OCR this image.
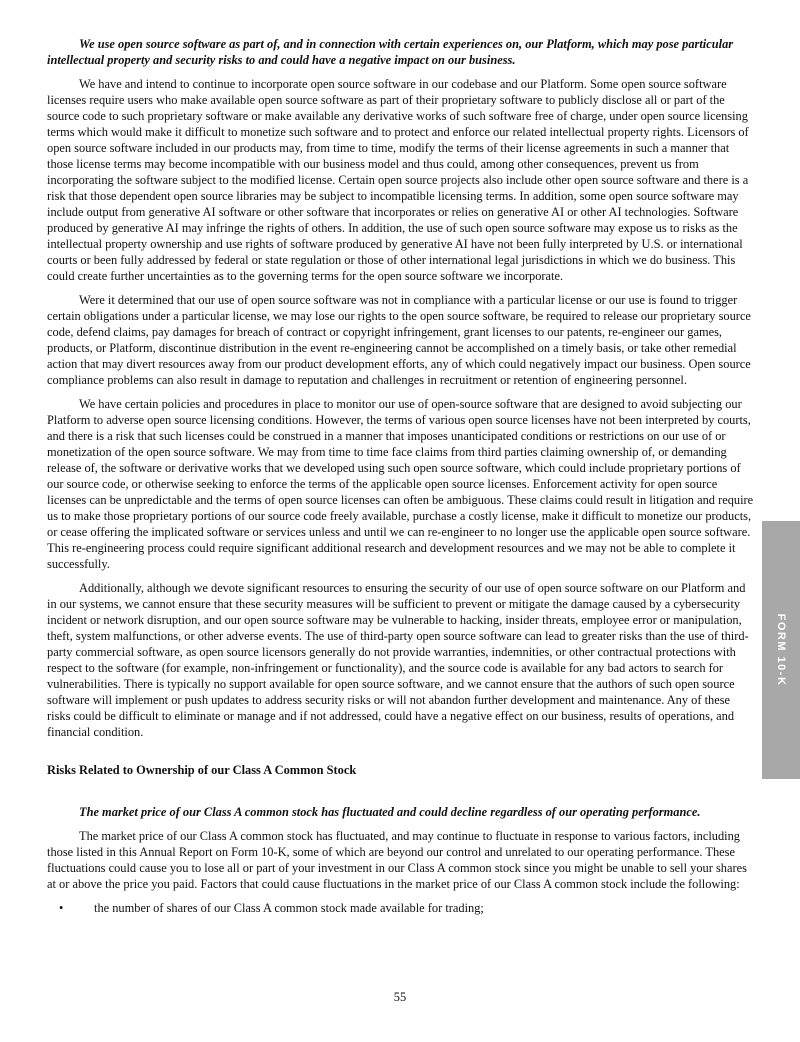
We use open source software as part of, and in connection with certain experiences on, our Platform, which may pose particular intellectual property and security risks to and could have a negative impact on our business.

We have and intend to continue to incorporate open source software in our codebase and our Platform. Some open source software licenses require users who make available open source software as part of their proprietary software to publicly disclose all or part of the source code to such proprietary software or make available any derivative works of such software free of charge, under open source licensing terms which would make it difficult to monetize such software and to protect and enforce our related intellectual property rights. Licensors of open source software included in our products may, from time to time, modify the terms of their license agreements in such a manner that those license terms may become incompatible with our business model and thus could, among other consequences, prevent us from incorporating the software subject to the modified license. Certain open source projects also include other open source software and there is a risk that those dependent open source libraries may be subject to incompatible licensing terms. In addition, some open source software may include output from generative AI software or other software that incorporates or relies on generative AI or other AI technologies. Software produced by generative AI may infringe the rights of others. In addition, the use of such open source software may expose us to risks as the intellectual property ownership and use rights of software produced by generative AI have not been fully interpreted by U.S. or international courts or been fully addressed by federal or state regulation or those of other international legal jurisdictions in which we do business. This could create further uncertainties as to the governing terms for the open source software we incorporate.

Were it determined that our use of open source software was not in compliance with a particular license or our use is found to trigger certain obligations under a particular license, we may lose our rights to the open source software, be required to release our proprietary source code, defend claims, pay damages for breach of contract or copyright infringement, grant licenses to our patents, re-engineer our games, products, or Platform, discontinue distribution in the event re-engineering cannot be accomplished on a timely basis, or take other remedial action that may divert resources away from our product development efforts, any of which could negatively impact our business. Open source compliance problems can also result in damage to reputation and challenges in recruitment or retention of engineering personnel.

We have certain policies and procedures in place to monitor our use of open-source software that are designed to avoid subjecting our Platform to adverse open source licensing conditions. However, the terms of various open source licenses have not been interpreted by courts, and there is a risk that such licenses could be construed in a manner that imposes unanticipated conditions or restrictions on our use of or monetization of the open source software. We may from time to time face claims from third parties claiming ownership of, or demanding release of, the software or derivative works that we developed using such open source software, which could include proprietary portions of our source code, or otherwise seeking to enforce the terms of the applicable open source licenses. Enforcement activity for open source licenses can be unpredictable and the terms of open source licenses can often be ambiguous. These claims could result in litigation and require us to make those proprietary portions of our source code freely available, purchase a costly license, make it difficult to monetize our products, or cease offering the implicated software or services unless and until we can re-engineer to no longer use the applicable open source software. This re-engineering process could require significant additional research and development resources and we may not be able to complete it successfully.

Additionally, although we devote significant resources to ensuring the security of our use of open source software on our Platform and in our systems, we cannot ensure that these security measures will be sufficient to prevent or mitigate the damage caused by a cybersecurity incident or network disruption, and our open source software may be vulnerable to hacking, insider threats, employee error or manipulation, theft, system malfunctions, or other adverse events. The use of third-party open source software can lead to greater risks than the use of third-party commercial software, as open source licensors generally do not provide warranties, indemnities, or other contractual protections with respect to the software (for example, non-infringement or functionality), and the source code is available for any bad actors to search for vulnerabilities. There is typically no support available for open source software, and we cannot ensure that the authors of such open source software will implement or push updates to address security risks or will not abandon further development and maintenance. Any of these risks could be difficult to eliminate or manage and if not addressed, could have a negative effect on our business, results of operations, and financial condition.

Risks Related to Ownership of our Class A Common Stock

The market price of our Class A common stock has fluctuated and could decline regardless of our operating performance.

The market price of our Class A common stock has fluctuated, and may continue to fluctuate in response to various factors, including those listed in this Annual Report on Form 10-K, some of which are beyond our control and unrelated to our operating performance. These fluctuations could cause you to lose all or part of your investment in our Class A common stock since you might be unable to sell your shares at or above the price you paid. Factors that could cause fluctuations in the market price of our Class A common stock include the following:

• the number of shares of our Class A common stock made available for trading;
55
FORM 10-K
